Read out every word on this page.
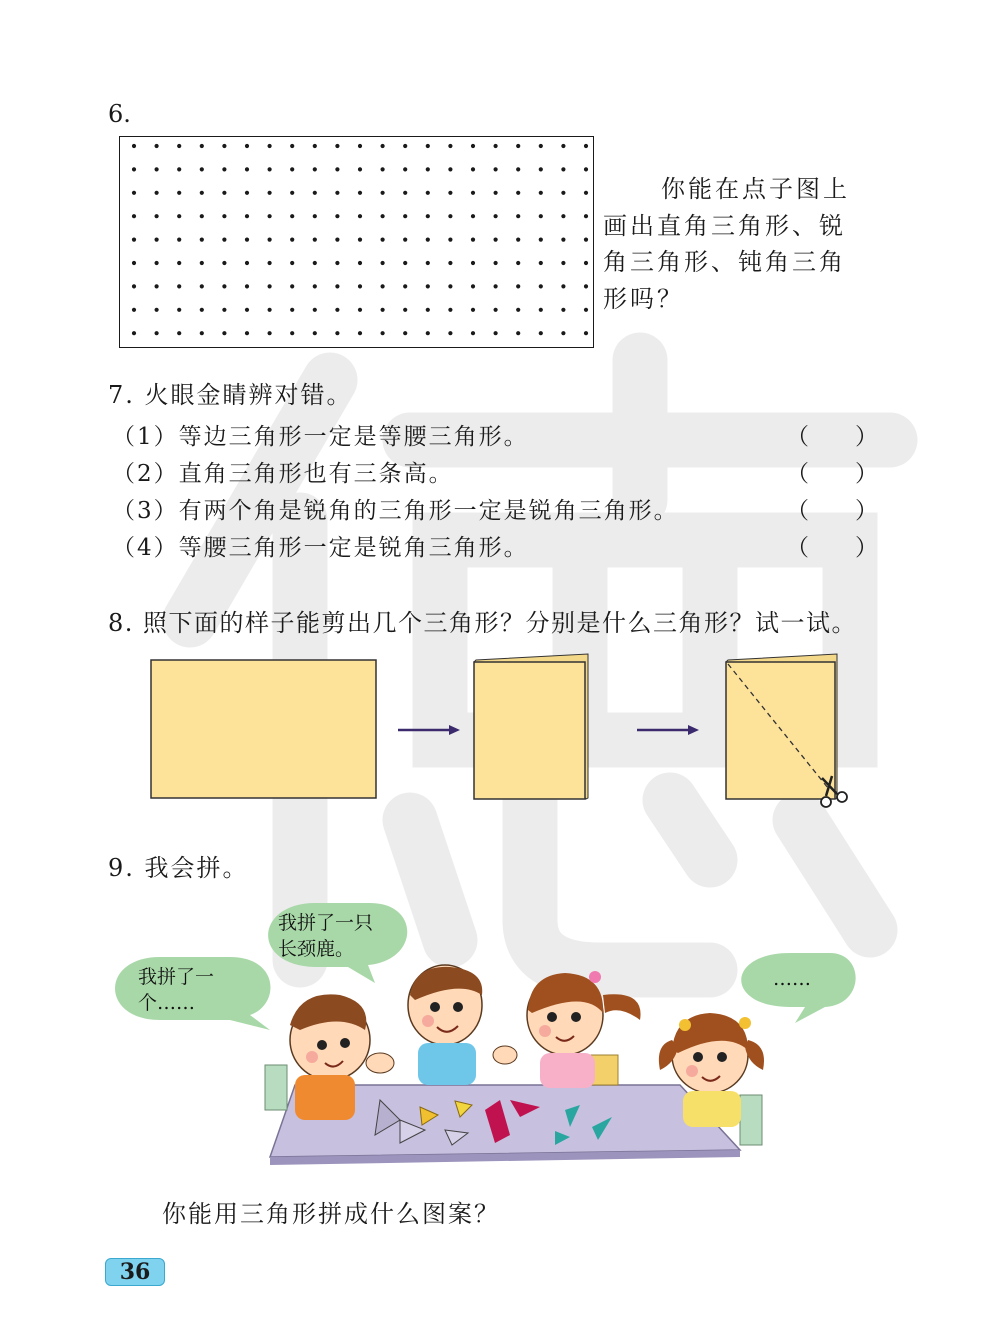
6.
你能在点子图上
画出直角三角形、锐
角三角形、钝角三角
形吗？
7. 火眼金睛辨对错。
（1）等边三角形一定是等腰三角形。	（　　）
（2）直角三角形也有三条高。	（　　）
（3）有两个角是锐角的三角形一定是锐角三角形。	（　　）
（4）等腰三角形一定是锐角三角形。	（　　）
8. 照下面的样子能剪出几个三角形？分别是什么三角形？试一试。
9. 我会拼。
我拼了一只
长颈鹿。
我拼了一
个……
……
你能用三角形拼成什么图案？
36
